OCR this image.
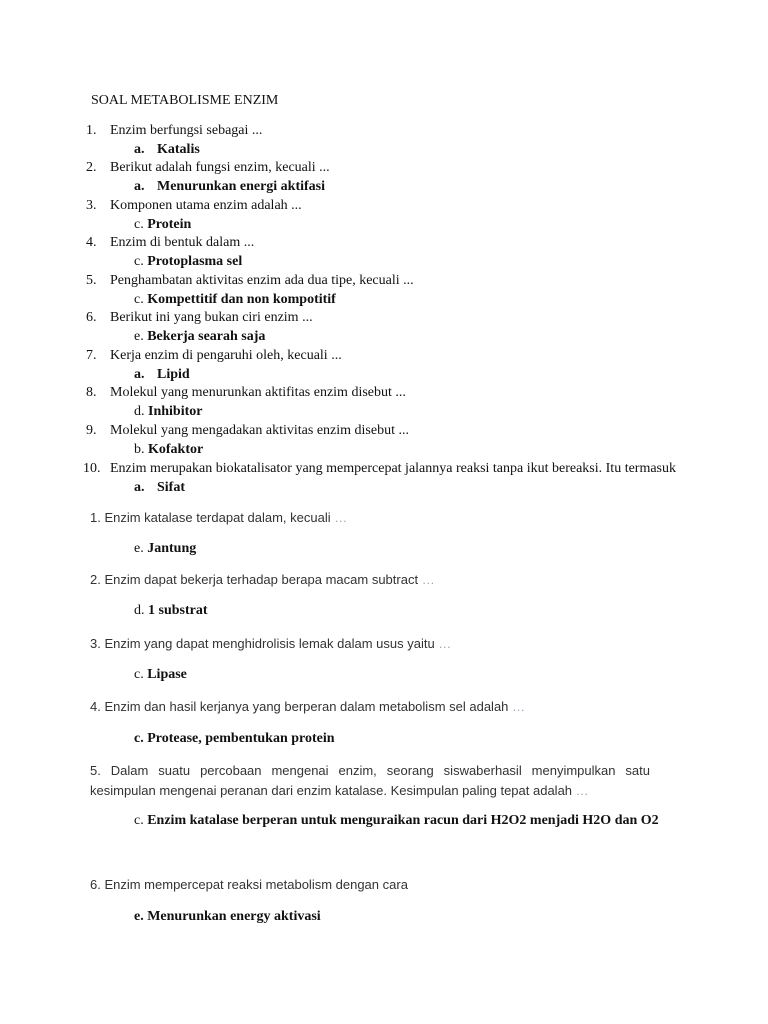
SOAL METABOLISME ENZIM
1. Enzim berfungsi sebagai ...
a. Katalis
2. Berikut adalah fungsi enzim, kecuali ...
a. Menurunkan energi aktifasi
3. Komponen utama enzim adalah ...
c. Protein
4. Enzim di bentuk dalam ...
c. Protoplasma sel
5. Penghambatan aktivitas enzim ada dua tipe, kecuali ...
c. Kompettitif dan non kompotitif
6. Berikut ini yang bukan ciri enzim ...
e. Bekerja searah saja
7. Kerja enzim di pengaruhi oleh, kecuali ...
a. Lipid
8. Molekul yang menurunkan aktifitas enzim disebut ...
d. Inhibitor
9. Molekul yang mengadakan aktivitas enzim disebut ...
b. Kofaktor
10. Enzim merupakan biokatalisator yang mempercepat jalannya reaksi tanpa ikut bereaksi. Itu termasuk
a. Sifat
1. Enzim katalase terdapat dalam, kecuali …
e. Jantung
2. Enzim dapat bekerja terhadap berapa macam subtract …
d. 1 substrat
3. Enzim yang dapat menghidrolisis lemak dalam usus yaitu …
c. Lipase
4. Enzim dan hasil kerjanya yang berperan dalam metabolism sel adalah …
c. Protease, pembentukan protein
5. Dalam suatu percobaan mengenai enzim, seorang siswaberhasil menyimpulkan satu kesimpulan mengenai peranan dari enzim katalase. Kesimpulan paling tepat adalah …
c. Enzim katalase berperan untuk menguraikan racun dari H2O2 menjadi H2O dan O2
6. Enzim mempercepat reaksi metabolism dengan cara
e. Menurunkan energy aktivasi
